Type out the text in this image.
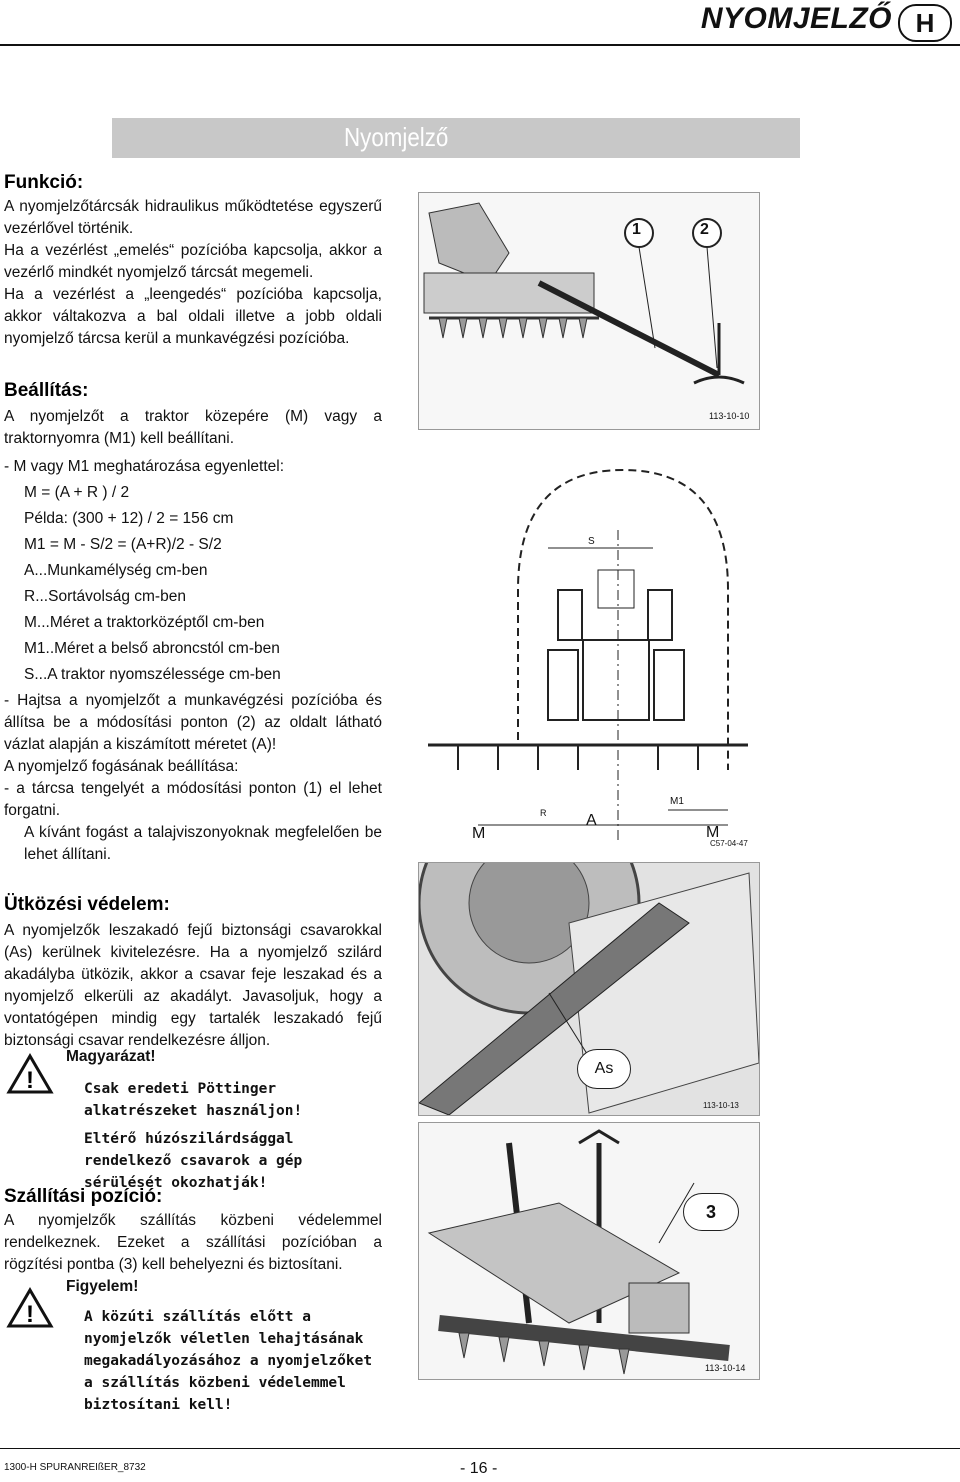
NYOMJELZŐ H
Nyomjelző
Funkció:
A nyomjelzőtárcsák hidraulikus működtetése egyszerű vezérlővel történik.
Ha a vezérlést „emelés“ pozícióba kapcsolja, akkor a vezérlő mindkét nyomjelző tárcsát megemeli.
Ha a vezérlést a „leengedés“ pozícióba kapcsolja, akkor váltakozva a bal oldali illetve a jobb oldali nyomjelző tárcsa kerül a munkavégzési pozícióba.
1	2
113-10-10
Beállítás:
A nyomjelzőt a traktor közepére (M) vagy a traktornyomra (M1) kell beállítani.
- M vagy M1 meghatározása egyenlettel:
M = (A + R ) / 2
Példa: (300 + 12) / 2 = 156 cm
M1 = M - S/2 = (A+R)/2 - S/2
A...Munkamélység cm-ben
R...Sortávolság cm-ben
M...Méret a traktorközéptől cm-ben
M1..Méret a belső abroncstól cm-ben
S...A traktor nyomszélessége cm-ben
- Hajtsa a nyomjelzőt a munkavégzési pozícióba és állítsa be a módosítási ponton (2) az oldalt látható vázlat alapján a kiszámított méretet (A)!
A nyomjelző fogásának beállítása:
- a tárcsa tengelyét a módosítási ponton (1) el lehet forgatni.
A kívánt fogást a talajviszonyoknak megfelelően be lehet állítani.
S
M
R A
M1
M
C57-04-47
Ütközési védelem:
A nyomjelzők leszakadó fejű biztonsági csavarokkal (As) kerülnek kivitelezésre. Ha a nyomjelző szilárd akadályba ütközik, akkor a csavar feje leszakad és a nyomjelző elkerüli az akadályt. Javasoljuk, hogy a vontatógépen mindig egy tartalék leszakadó fejű biztonsági csavar rendelkezésre álljon.
!
Magyarázat!
Csak eredeti Pöttinger alkatrészeket használjon!
Eltérő húzószilárdsággal rendelkező csavarok a gép sérülését okozhatják!
As
113-10-13
Szállítási pozíció:
A nyomjelzők szállítás közbeni védelemmel rendelkeznek. Ezeket a szállítási pozícióban a rögzítési pontba (3) kell behelyezni és biztosítani.
!
Figyelem!
A közúti szállítás előtt a nyomjelzők véletlen lehajtásának megakadályozásához a nyomjelzőket a szállítás közbeni védelemmel biztosítani kell!
3
113-10-14
1300-H SPURANREIßER_8732	- 16 -
